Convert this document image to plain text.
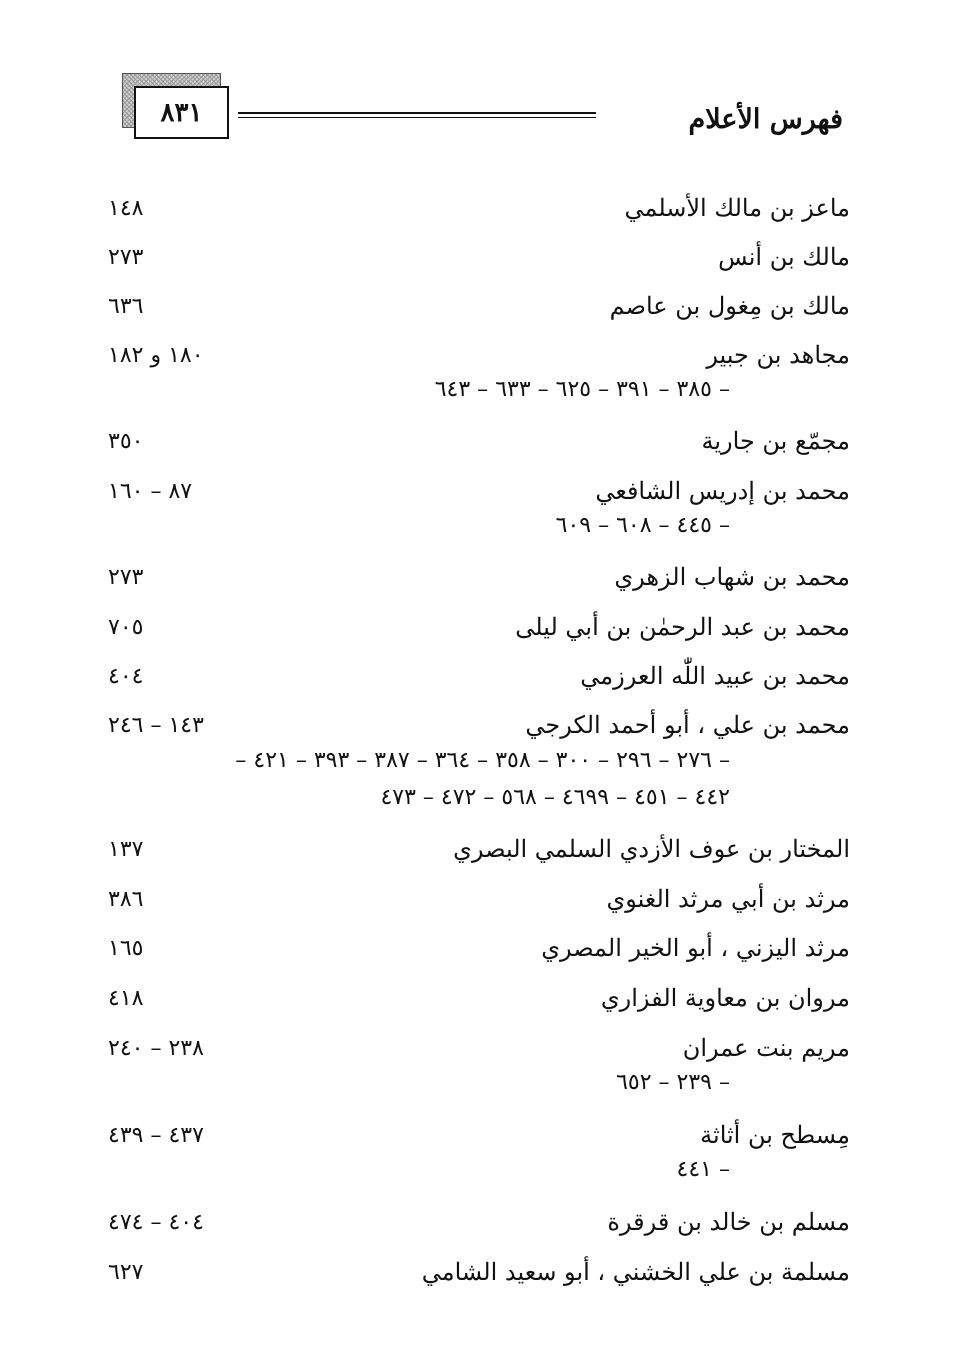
فهرس الأعلام
٨٣١
ماعز بن مالك الأسلمي
١٤٨
مالك بن أنس
٢٧٣
مالك بن مِغول بن عاصم
٦٣٦
مجاهد بن جبير
١٨٠ و ١٨٢
– ٣٨٥ – ٣٩١ – ٦٢٥ – ٦٣٣ – ٦٤٣
مجمّع بن جارية
٣٥٠
محمد بن إدريس الشافعي
٨٧ – ١٦٠
– ٤٤٥ – ٦٠٨ – ٦٠٩
محمد بن شهاب الزهري
٢٧٣
محمد بن عبد الرحمٰن بن أبي ليلى
٧٠٥
محمد بن عبيد اللّٰه العرزمي
٤٠٤
محمد بن علي ، أبو أحمد الكرجي
١٤٣ – ٢٤٦
– ٢٧٦ – ٢٩٦ – ٣٠٠ – ٣٥٨ – ٣٦٤ – ٣٨٧ – ٣٩٣ – ٤٢١ –
٤٤٢ – ٤٥١ – ٤٦٩٩ – ٥٦٨ – ٤٧٢ – ٤٧٣
المختار بن عوف الأزدي السلمي البصري
١٣٧
مرثد بن أبي مرثد الغنوي
٣٨٦
مرثد اليزني ، أبو الخير المصري
١٦٥
مروان بن معاوية الفزاري
٤١٨
مريم بنت عمران
٢٣٨ – ٢٤٠
– ٢٣٩ – ٦٥٢
مِسطح بن أثاثة
٤٣٧ – ٤٣٩
– ٤٤١
مسلم بن خالد بن قرقرة
٤٠٤ – ٤٧٤
مسلمة بن علي الخشني ، أبو سعيد الشامي
٦٢٧
